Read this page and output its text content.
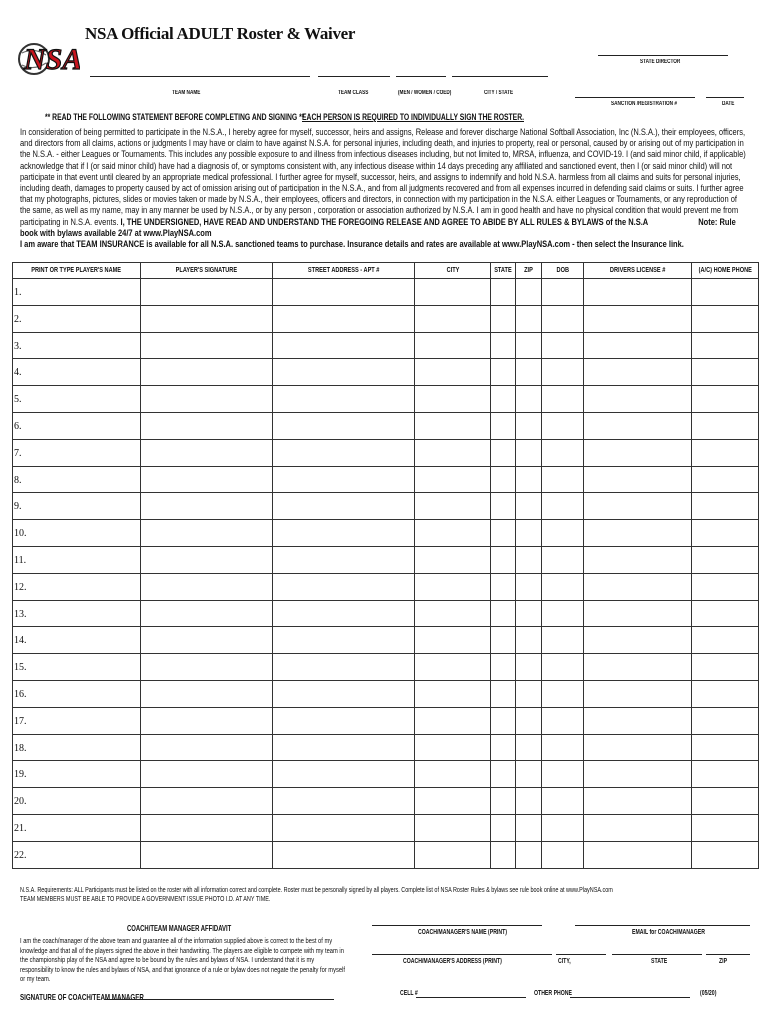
NSA
NSA Official ADULT Roster & Waiver
STATE DIRECTOR
TEAM NAME	TEAM CLASS	(MEN / WOMEN / COED)	CITY / STATE
SANCTION /REGISTRATION #	DATE
** READ THE FOLLOWING STATEMENT BEFORE COMPLETING AND SIGNING **
EACH PERSON IS REQUIRED TO INDIVIDUALLY SIGN THE ROSTER.
In consideration of being permitted to participate in the N.S.A., I hereby agree for myself, successor, heirs and assigns, Release and forever discharge National Softball Association, Inc (N.S.A.), their employees, officers, and directors from all claims, actions or judgments I may have or claim to have against N.S.A. for personal injuries, including death, and injuries to property, real or personal, caused by or arising out of my participation in the N.S.A. - either Leagues or Tournaments. This includes any possible exposure to and illness from infectious diseases including, but not limited to, MRSA, influenza, and COVID-19. I (and said minor child, if applicable) acknowledge that if I (or said minor child) have had a diagnosis of, or symptoms consistent with, any infectious disease within 14 days preceding any affiliated and sanctioned event, then I (or said minor child) will not participate in that event until cleared by an appropriate medical professional. I further agree for myself, successor, heirs, and assigns to indemnify and hold N.S.A. harmless from all claims and suits for personal injuries, including death, damages to property caused by act of omission arising out of participation in the N.S.A., and from all judgments recovered and from all expenses incurred in defending said claims or suits. I further agree that my photographs, pictures, slides or movies taken or made by N.S.A., their employees, officers and directors, in connection with my participation in the N.S.A. either Leagues or Tournaments, or any reproduction of the same, as well as my name, may in any manner be used by N.S.A., or by any person , corporation or association authorized by N.S.A. I am in good health and have no physical condition that would prevent me from participating in N.S.A. events. I, THE UNDERSIGNED, HAVE READ AND UNDERSTAND THE FOREGOING RELEASE AND AGREE TO ABIDE BY ALL RULES & BYLAWS of the N.S.A	Note: Rule book with bylaws available 24/7 at www.PlayNSA.com
I am aware that TEAM INSURANCE is available for all N.S.A. sanctioned teams to purchase. Insurance details and rates are available at www.PlayNSA.com - then select the Insurance link.
PRINT OR TYPE PLAYER'S NAME	PLAYER'S SIGNATURE	STREET ADDRESS - APT #	CITY	STATE	ZIP	DOB	DRIVERS LICENSE #	(A/C) HOME PHONE
1.								
2.								
3.								
4.								
5.								
6.								
7.								
8.								
9.								
10.								
11.								
12.								
13.								
14.								
15.								
16.								
17.								
18.								
19.								
20.								
21.								
22.								
N.S.A. Requirements: ALL Participants must be listed on the roster with all information correct and complete. Roster must be personally signed by all players. Complete list of NSA Roster Rules & bylaws see rule book online at www.PlayNSA.com
TEAM MEMBERS MUST BE ABLE TO PROVIDE A GOVERNMENT ISSUE PHOTO I.D. AT ANY TIME.
COACH/TEAM MANAGER AFFIDAVIT
I am the coach/manager of the above team and guarantee all of the information supplied above is correct to the best of my knowledge and that all of the players signed the above in their handwriting. The players are eligible to compete with my team in the championship play of the NSA and agree to be bound by the rules and bylaws of NSA. I understand that it is my responsibility to know the rules and bylaws of NSA, and that ignorance of a rule or bylaw does not negate the penalty for myself or my team.
SIGNATURE OF COACH/TEAM MANAGER
COACH/MANAGER'S NAME (PRINT)	EMAIL for COACH/MANAGER
COACH/MANAGER'S ADDRESS (PRINT)	CITY,	STATE	ZIP
CELL #	OTHER PHONE	(05/20)
